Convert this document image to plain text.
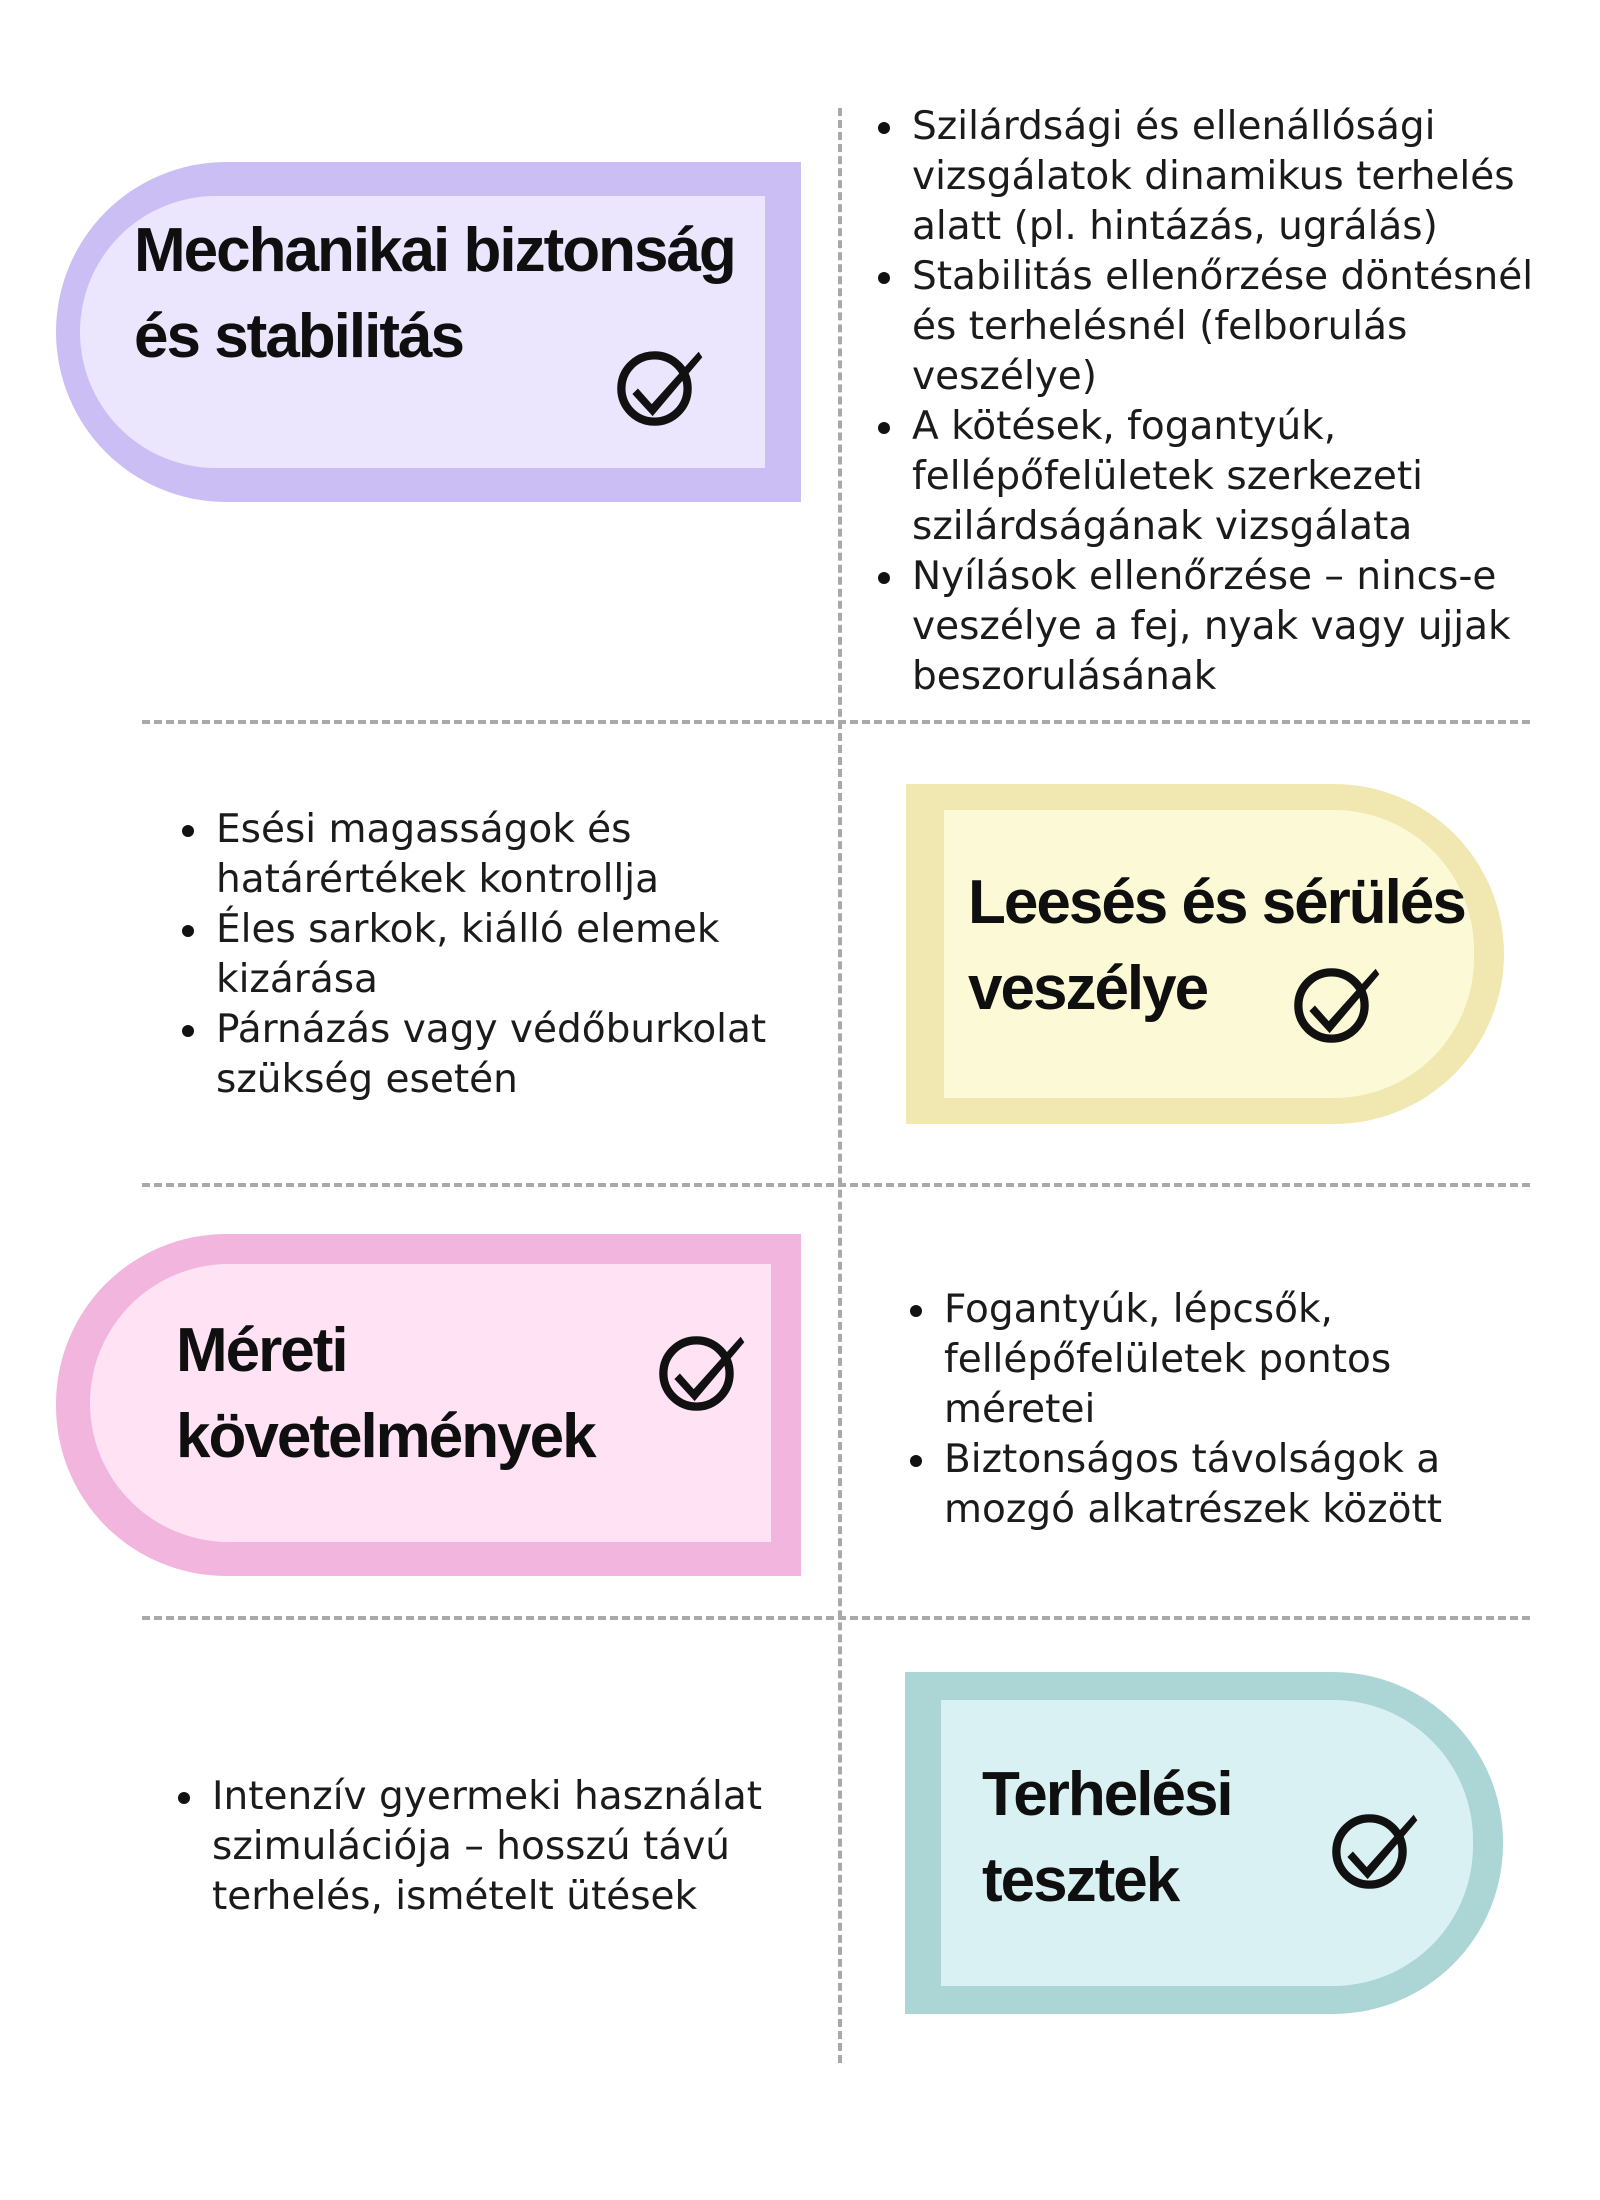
Mechanikai biztonság
és stabilitás
Szilárdsági és ellenállósági vizsgálatok dinamikus terhelés alatt (pl. hintázás, ugrálás)
Stabilitás ellenőrzése döntésnél és terhelésnél (felborulás veszélye)
A kötések, fogantyúk, fellépőfelületek szerkezeti szilárdságának vizsgálata
Nyílások ellenőrzése – nincs-e veszélye a fej, nyak vagy ujjak beszorulásának
Esési magasságok és határértékek kontrollja
Éles sarkok, kiálló elemek kizárása
Párnázás vagy védőburkolat szükség esetén
Leesés és sérülés
veszélye
Méreti
követelmények
Fogantyúk, lépcsők, fellépőfelületek pontos méretei
Biztonságos távolságok a mozgó alkatrészek között
Intenzív gyermeki használat szimulációja – hosszú távú terhelés, ismételt ütések
Terhelési
tesztek
